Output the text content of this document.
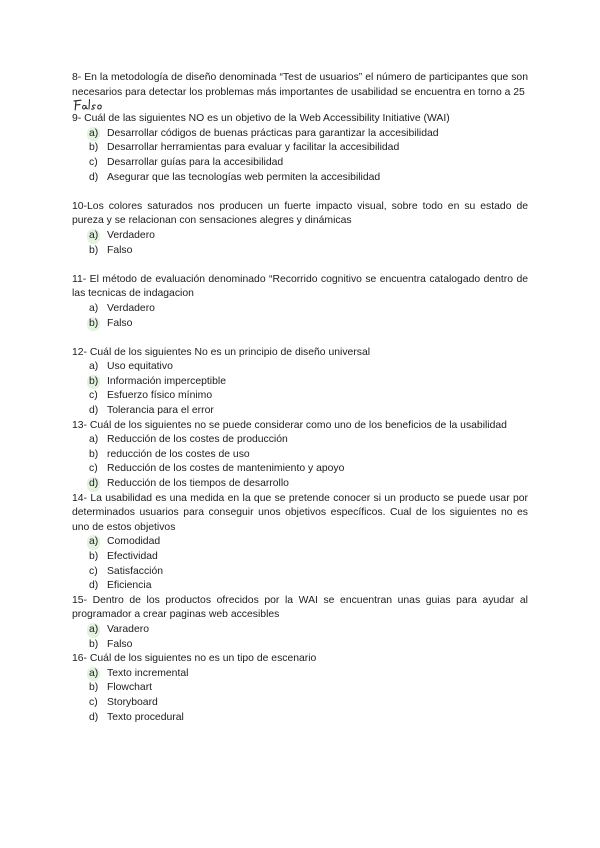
8- En la metodología de diseño denominada “Test de usuarios” el número de participantes que son necesarios para detectar los problemas más importantes de usabilidad se encuentra en torno a 25

9- Cuál de las siguientes NO es un objetivo de la Web Accessibility Initiative (WAI)

a) Desarrollar códigos de buenas prácticas para garantizar la accesibilidad
b) Desarrollar herramientas para evaluar y facilitar la accesibilidad
c) Desarrollar guías para la accesibilidad
d) Asegurar que las tecnologías web permiten la accesibilidad

10-Los colores saturados nos producen un fuerte impacto visual, sobre todo en su estado de pureza y se relacionan con sensaciones alegres y dinámicas

a) Verdadero
b) Falso

11- El método de evaluación denominado “Recorrido cognitivo se encuentra catalogado dentro de las tecnicas de indagacion

a) Verdadero
b) Falso

12- Cuál de los siguientes No es un principio de diseño universal

a) Uso equitativo
b) Información imperceptible
c) Esfuerzo físico mínimo
d) Tolerancia para el error

13- Cuál de los siguientes no se puede considerar como uno de los beneficios de la usabilidad

a) Reducción de los costes de producción
b) reducción de los costes de uso
c) Reducción de los costes de mantenimiento y apoyo
d) Reducción de los tiempos de desarrollo

14- La usabilidad es una medida en la que se pretende conocer si un producto se puede usar por determinados usuarios para conseguir unos objetivos específicos. Cual de los siguientes no es uno de estos objetivos

a) Comodidad
b) Efectividad
c) Satisfacción
d) Eficiencia

15- Dentro de los productos ofrecidos por la WAI se encuentran unas guias para ayudar al programador a crear paginas web accesibles

a) Varadero
b) Falso

16- Cuál de los siguientes no es un tipo de escenario

a) Texto incremental
b) Flowchart
c) Storyboard
d) Texto procedural
